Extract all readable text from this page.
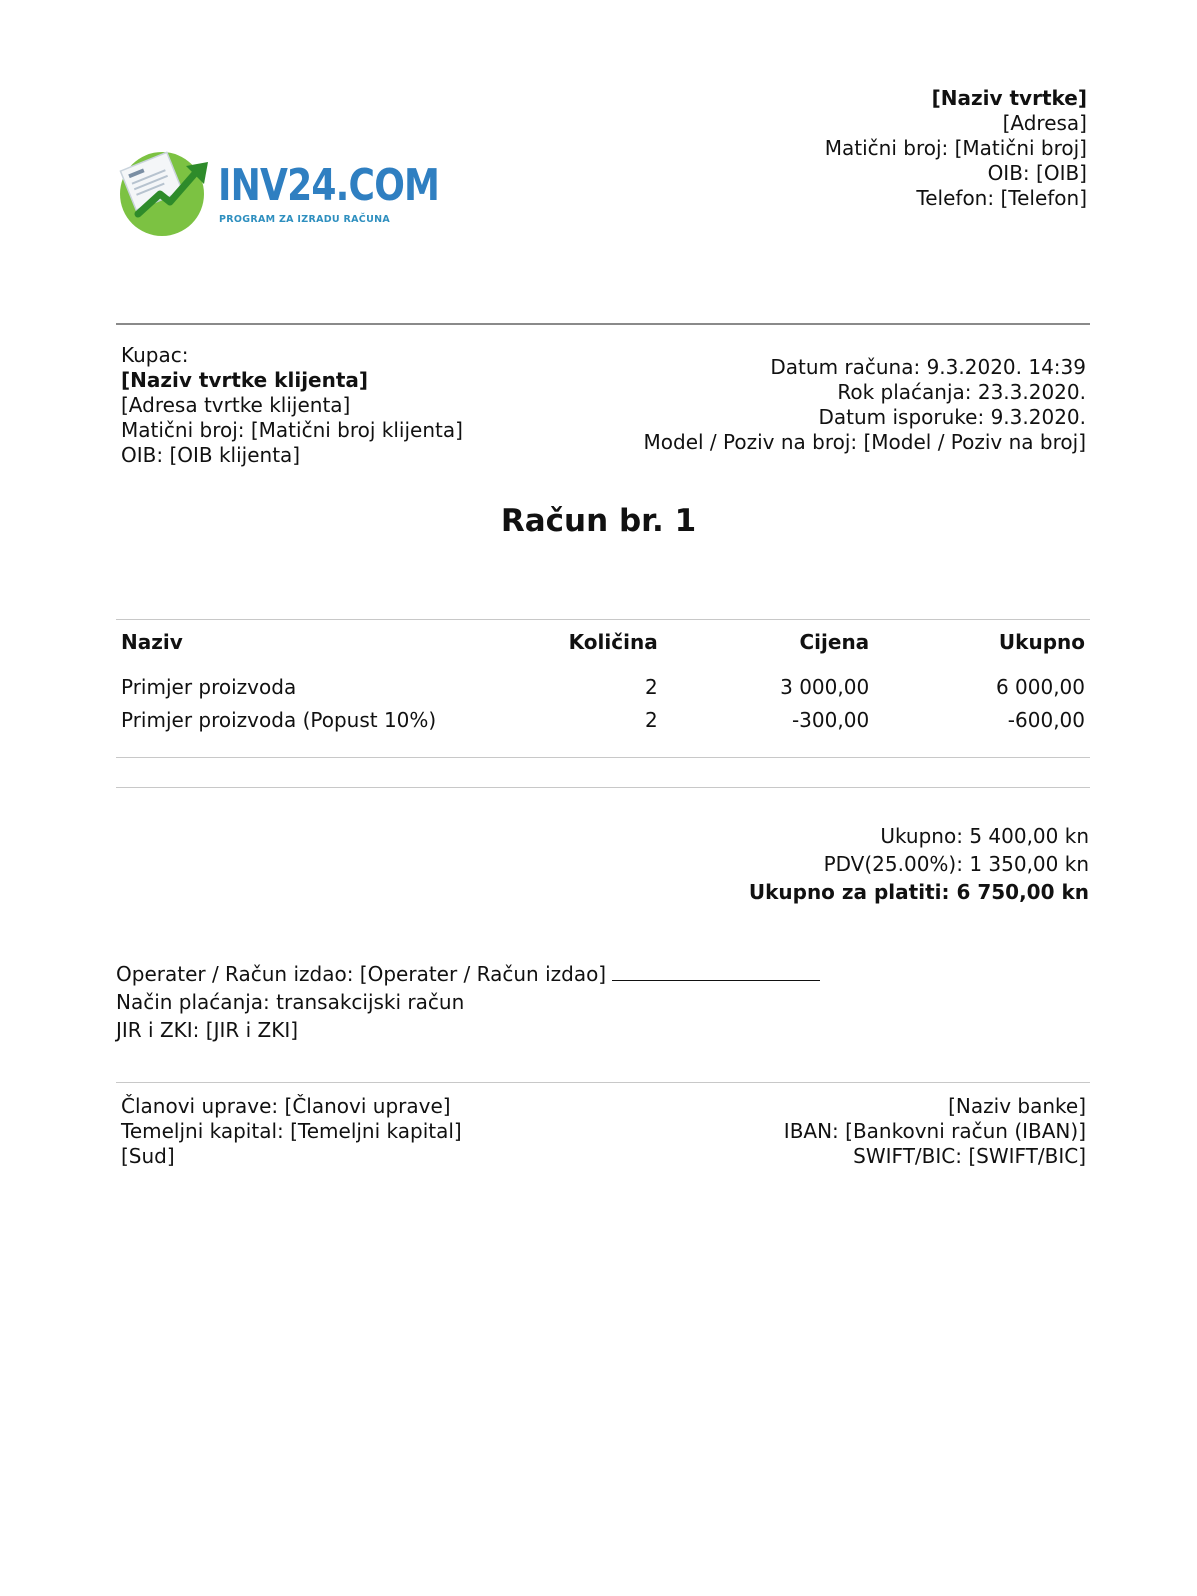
INV24.COM
PROGRAM ZA IZRADU RAČUNA
[Naziv tvrtke]
[Adresa]
Matični broj: [Matični broj]
OIB: [OIB]
Telefon: [Telefon]
Kupac:
[Naziv tvrtke klijenta]
[Adresa tvrtke klijenta]
Matični broj: [Matični broj klijenta]
OIB: [OIB klijenta]
Datum računa: 9.3.2020. 14:39
Rok plaćanja: 23.3.2020.
Datum isporuke: 9.3.2020.
Model / Poziv na broj: [Model / Poziv na broj]
Račun br. 1
Naziv	Količina	Cijena	Ukupno
Primjer proizvoda	2	3 000,00	6 000,00
Primjer proizvoda (Popust 10%)	2	-300,00	-600,00
Ukupno: 5 400,00 kn
PDV(25.00%): 1 350,00 kn
Ukupno za platiti: 6 750,00 kn
Operater / Račun izdao: [Operater / Račun izdao]
Način plaćanja: transakcijski račun
JIR i ZKI: [JIR i ZKI]
Članovi uprave: [Članovi uprave]
Temeljni kapital: [Temeljni kapital]
[Sud]
[Naziv banke]
IBAN: [Bankovni račun (IBAN)]
SWIFT/BIC: [SWIFT/BIC]
